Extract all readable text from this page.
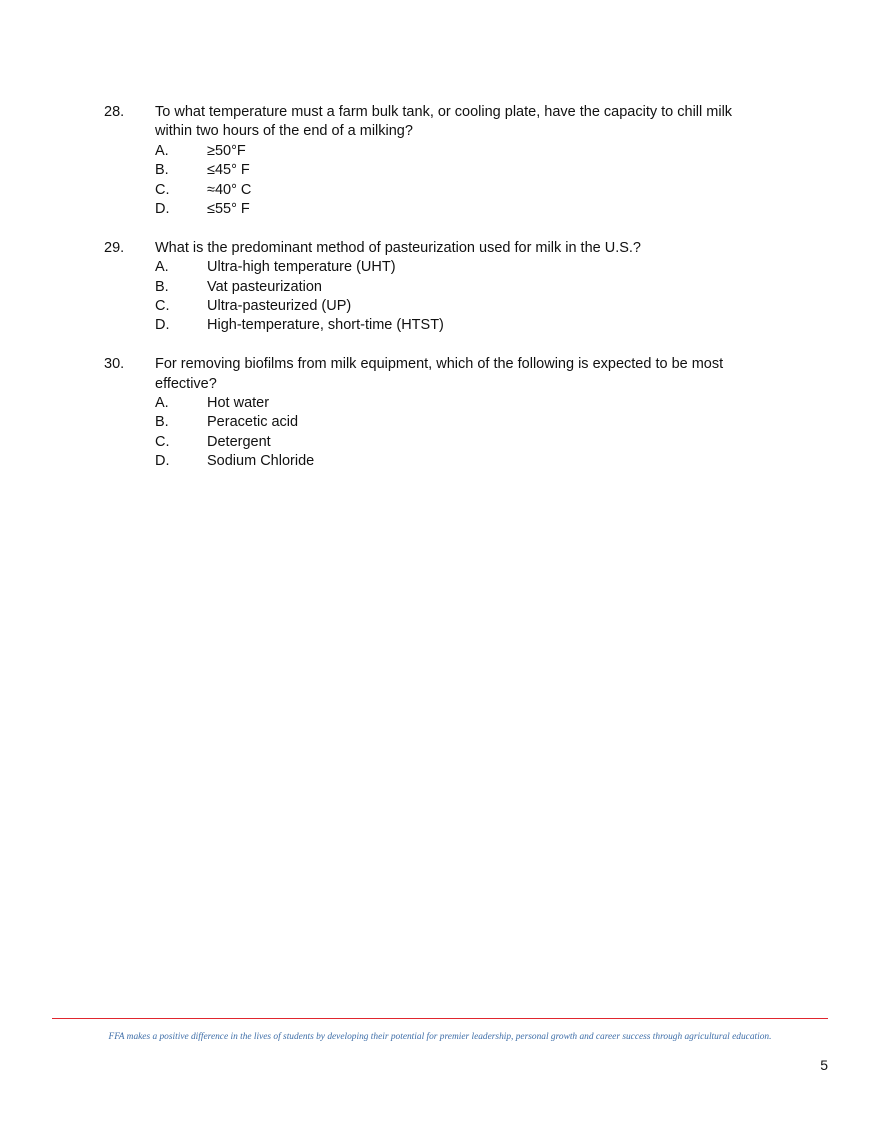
28.	To what temperature must a farm bulk tank, or cooling plate, have the capacity to chill milk within two hours of the end of a milking?
A.	≥50°F
B.	≤45° F
C.	≈40° C
D.	≤55° F
29.	What is the predominant method of pasteurization used for milk in the U.S.?
A.	Ultra-high temperature (UHT)
B.	Vat pasteurization
C.	Ultra-pasteurized (UP)
D.	High-temperature, short-time (HTST)
30.	For removing biofilms from milk equipment, which of the following is expected to be most effective?
A.	Hot water
B.	Peracetic acid
C.	Detergent
D.	Sodium Chloride
FFA makes a positive difference in the lives of students by developing their potential for premier leadership, personal growth and career success through agricultural education.
5
